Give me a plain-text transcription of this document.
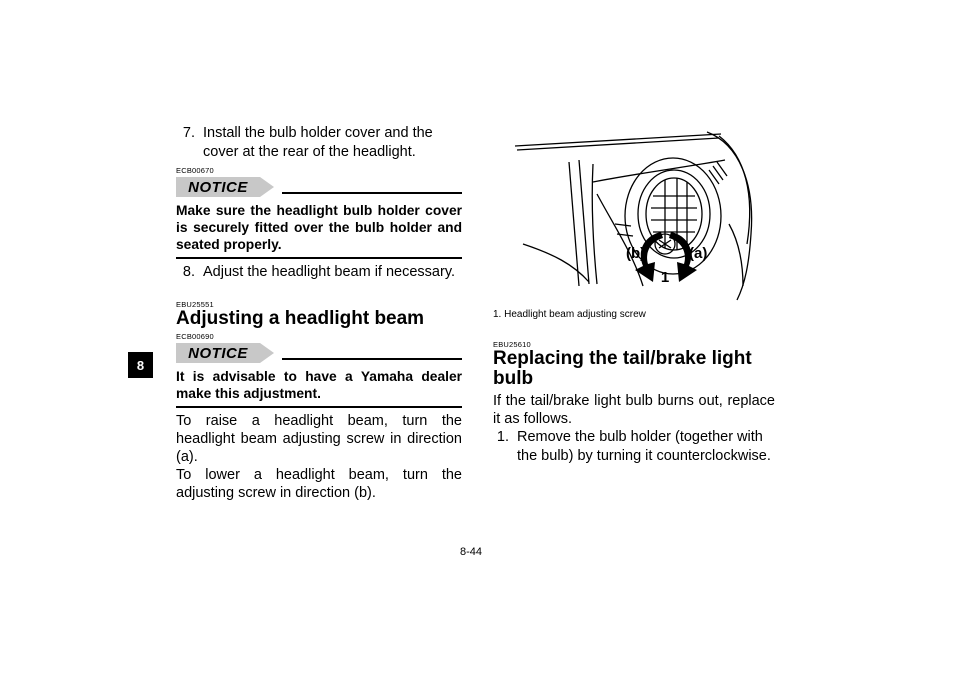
8
7. Install the bulb holder cover and the cover at the rear of the headlight.
ECB00670
NOTICE
Make sure the headlight bulb holder cover is securely fitted over the bulb holder and seated properly.
8. Adjust the headlight beam if necessary.
EBU25551
Adjusting a headlight beam
ECB00690
NOTICE
It is advisable to have a Yamaha dealer make this adjustment.
To raise a headlight beam, turn the headlight beam adjusting screw in direction (a).
To lower a headlight beam, turn the adjusting screw in direction (b).
(b)	(a)
1
1. Headlight beam adjusting screw
EBU25610
Replacing the tail/brake light bulb
If the tail/brake light bulb burns out, replace it as follows.
1. Remove the bulb holder (together with the bulb) by turning it counterclockwise.
8-44
